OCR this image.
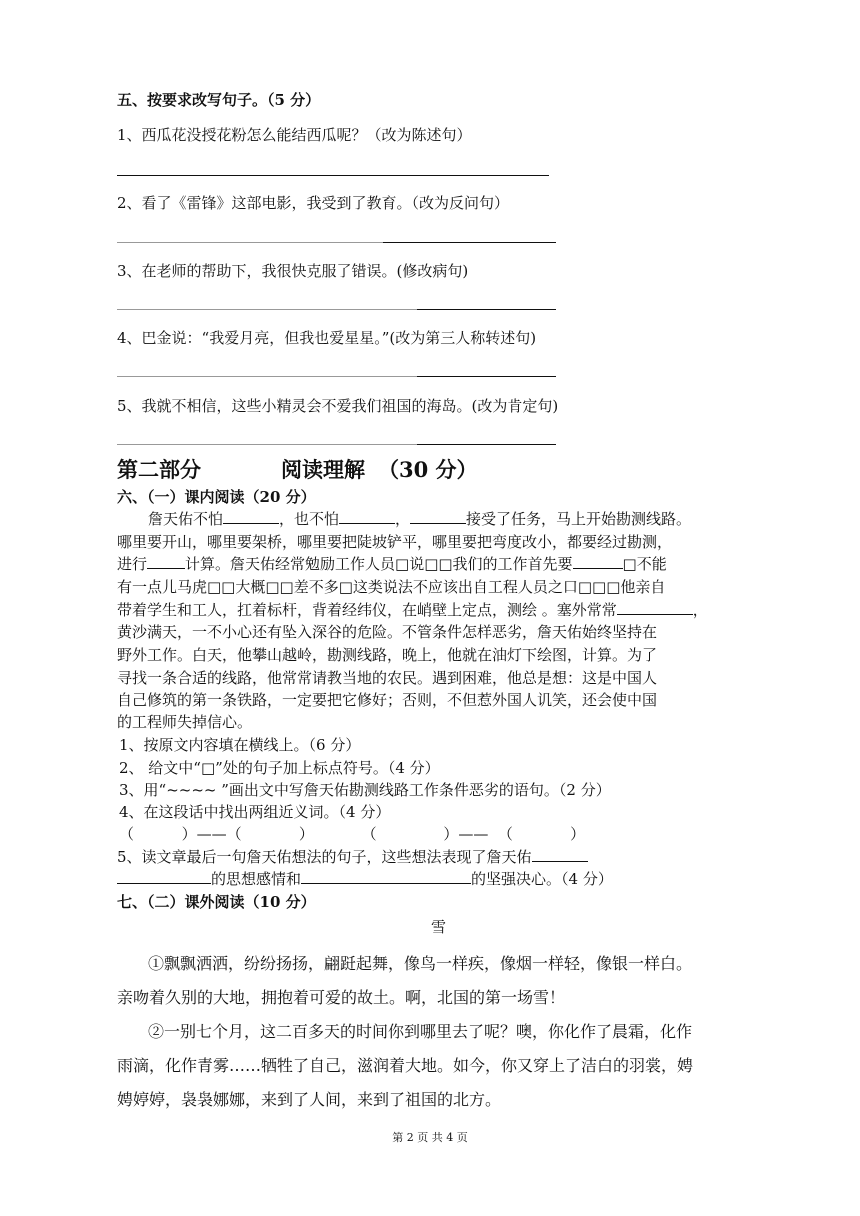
五、按要求改写句子。（5 分）
1、西瓜花没授花粉怎么能结西瓜呢？（改为陈述句）
2、看了《雷锋》这部电影，我受到了教育。（改为反问句）
3、在老师的帮助下，我很快克服了错误。(修改病句)
4、巴金说：“我爱月亮，但我也爱星星。”(改为第三人称转述句)
5、我就不相信，这些小精灵会不爱我们祖国的海岛。(改为肯定句)
第二部分	阅读理解 （30 分）
六、（一）课内阅读（20 分）
詹天佑不怕	，也不怕	，	接受了任务，马上开始勘测线路。
哪里要开山，哪里要架桥，哪里要把陡坡铲平，哪里要把弯度改小，都要经过勘测，
进行	计算。詹天佑经常勉励工作人员□说□□我们的工作首先要	□不能
有一点儿马虎□□大概□□差不多□这类说法不应该出自工程人员之口□□□他亲自
带着学生和工人，扛着标杆，背着经纬仪，在峭壁上定点，测绘 。塞外常常	，
黄沙满天，一不小心还有坠入深谷的危险。不管条件怎样恶劣，詹天佑始终坚持在
野外工作。白天，他攀山越岭，勘测线路，晚上，他就在油灯下绘图，计算。为了
寻找一条合适的线路，他常常请教当地的农民。遇到困难，他总是想：这是中国人
自己修筑的第一条铁路，一定要把它修好；否则，不但惹外国人讥笑，还会使中国
的工程师失掉信心。
1、按原文内容填在横线上。（6 分）
2、 给文中“□”处的句子加上标点符号。（4 分）
3、用“~~~~ ”画出文中写詹天佑勘测线路工作条件恶劣的语句。（2 分）
4、在这段话中找出两组近义词。（4 分）
（          ）——（            ）          （              ）——  （            ）
5、读文章最后一句詹天佑想法的句子，这些想法表现了詹天佑
的思想感情和	的坚强决心。（4 分）
七、（二）课外阅读（10 分）
雪
①飘飘洒洒，纷纷扬扬，翩跹起舞，像鸟一样疾，像烟一样轻，像银一样白。
亲吻着久别的大地，拥抱着可爱的故土。啊，北国的第一场雪！
②一别七个月，这二百多天的时间你到哪里去了呢？噢，你化作了晨霜，化作
雨滴，化作青雾……牺牲了自己，滋润着大地。如今，你又穿上了洁白的羽裳，娉
娉婷婷，袅袅娜娜，来到了人间，来到了祖国的北方。
第 2 页 共 4 页
